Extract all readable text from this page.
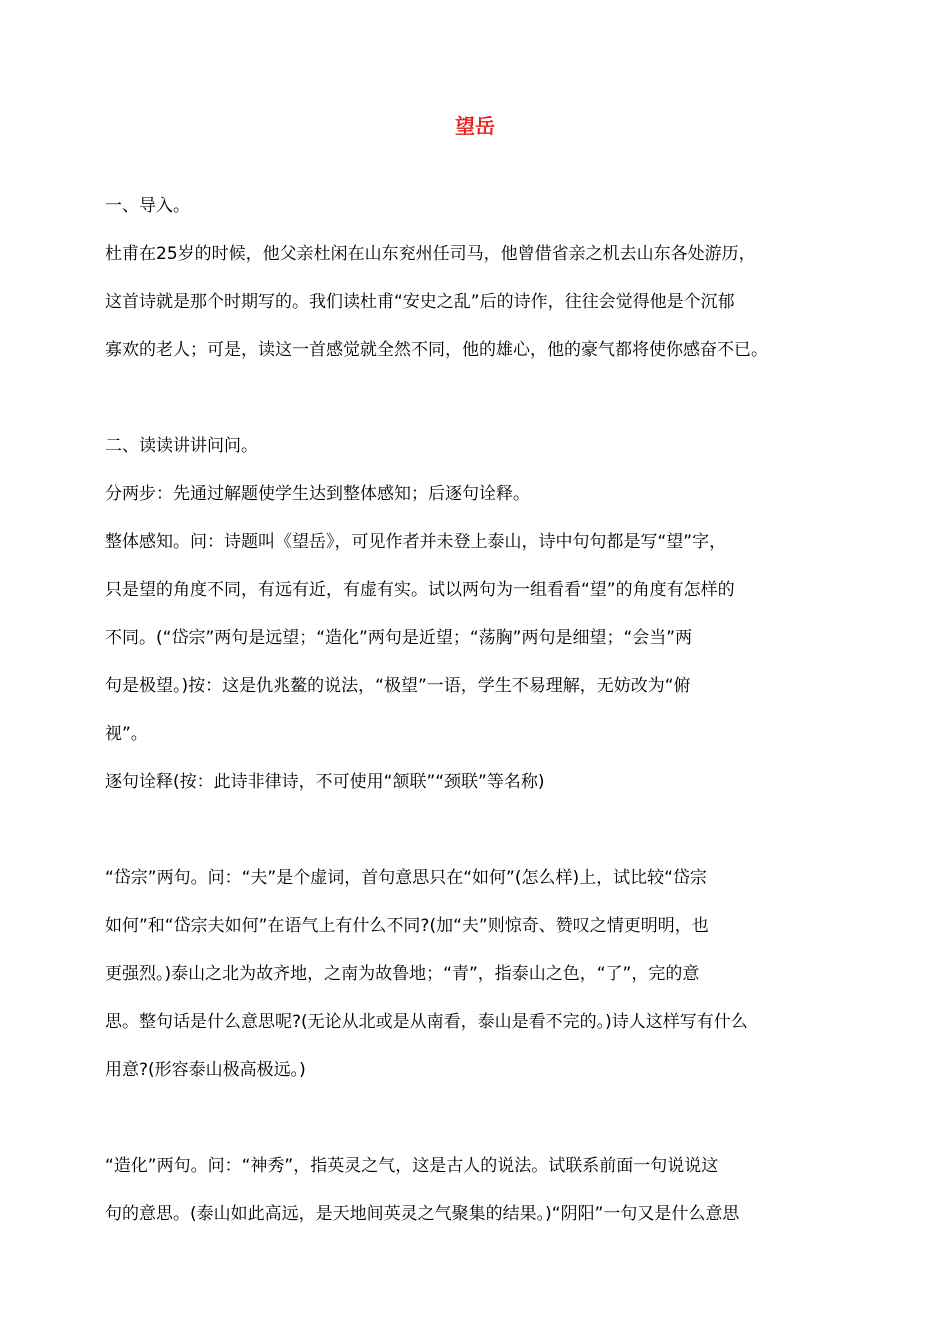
望岳
一、导入。
杜甫在25岁的时候，他父亲杜闲在山东兖州任司马，他曾借省亲之机去山东各处游历，
这首诗就是那个时期写的。我们读杜甫“安史之乱”后的诗作，往往会觉得他是个沉郁
寡欢的老人；可是，读这一首感觉就全然不同，他的雄心，他的豪气都将使你感奋不已。
二、读读讲讲问问。
分两步：先通过解题使学生达到整体感知；后逐句诠释。
整体感知。问：诗题叫《望岳》，可见作者并未登上泰山，诗中句句都是写“望”字，
只是望的角度不同，有远有近，有虚有实。试以两句为一组看看“望”的角度有怎样的
不同。(“岱宗”两句是远望；“造化”两句是近望；“荡胸”两句是细望；“会当”两
句是极望。)按：这是仇兆鳌的说法，“极望”一语，学生不易理解，无妨改为“俯
视”。
逐句诠释(按：此诗非律诗，不可使用“颔联”“颈联”等名称)
“岱宗”两句。问：“夫”是个虚词，首句意思只在“如何”(怎么样)上，试比较“岱宗
如何”和“岱宗夫如何”在语气上有什么不同?(加“夫”则惊奇、赞叹之情更明明，也
更强烈。)泰山之北为故齐地，之南为故鲁地；“青”，指泰山之色，“了”，完的意
思。整句话是什么意思呢?(无论从北或是从南看，泰山是看不完的。)诗人这样写有什么
用意?(形容泰山极高极远。)
“造化”两句。问：“神秀”，指英灵之气，这是古人的说法。试联系前面一句说说这
句的意思。(泰山如此高远，是天地间英灵之气聚集的结果。)“阴阳”一句又是什么意思
